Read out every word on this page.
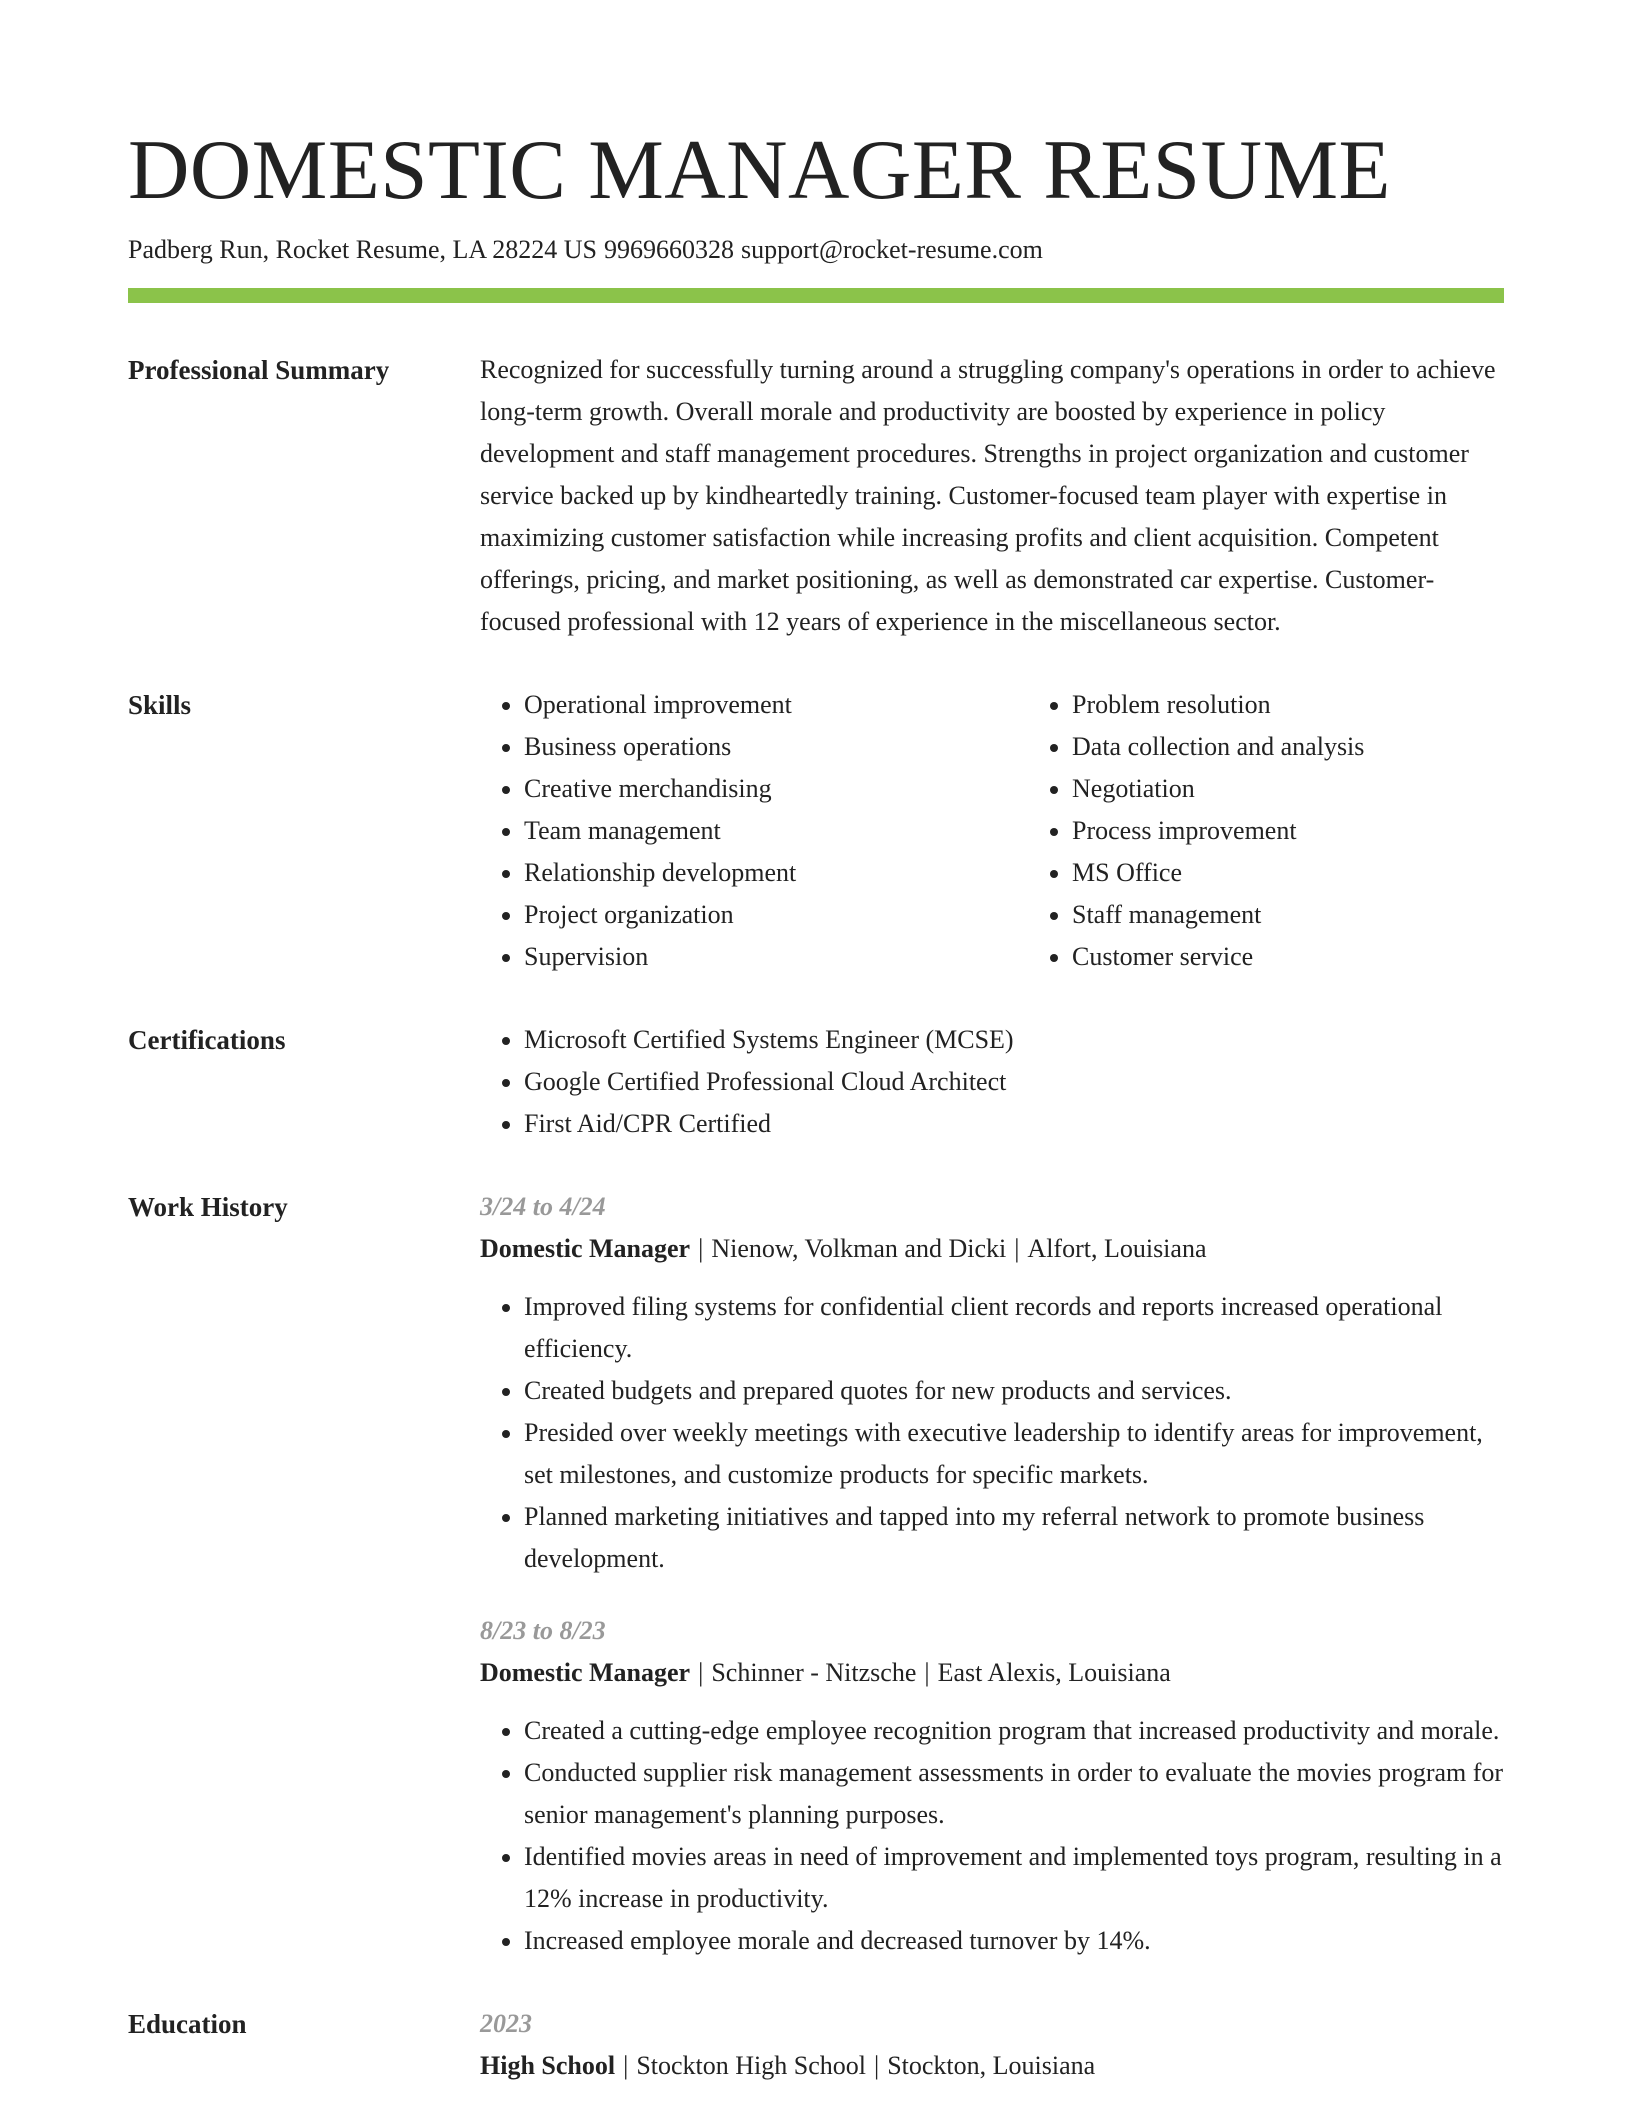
DOMESTIC MANAGER RESUME
Padberg Run, Rocket Resume, LA 28224 US 9969660328 support@rocket-resume.com
Professional Summary	Recognized for successfully turning around a struggling company's operations in order to achieve long-term growth. Overall morale and productivity are boosted by experience in policy development and staff management procedures. Strengths in project organization and customer service backed up by kindheartedly training. Customer-focused team player with expertise in maximizing customer satisfaction while increasing profits and client acquisition. Competent offerings, pricing, and market positioning, as well as demonstrated car expertise. Customer-focused professional with 12 years of experience in the miscellaneous sector.

Skills	• Operational improvement
• Business operations
• Creative merchandising
• Team management
• Relationship development
• Project organization
• Supervision
• Problem resolution
• Data collection and analysis
• Negotiation
• Process improvement
• MS Office
• Staff management
• Customer service
Certifications	• Microsoft Certified Systems Engineer (MCSE)
• Google Certified Professional Cloud Architect
• First Aid/CPR Certified
Work History	3/24 to 4/24
Domestic Manager | Nienow, Volkman and Dicki | Alfort, Louisiana
• Improved filing systems for confidential client records and reports increased operational efficiency.
• Created budgets and prepared quotes for new products and services.
• Presided over weekly meetings with executive leadership to identify areas for improvement, set milestones, and customize products for specific markets.
• Planned marketing initiatives and tapped into my referral network to promote business development.
8/23 to 8/23
Domestic Manager | Schinner - Nitzsche | East Alexis, Louisiana
• Created a cutting-edge employee recognition program that increased productivity and morale.
• Conducted supplier risk management assessments in order to evaluate the movies program for senior management's planning purposes.
• Identified movies areas in need of improvement and implemented toys program, resulting in a 12% increase in productivity.
• Increased employee morale and decreased turnover by 14%.
Education	2023
High School | Stockton High School | Stockton, Louisiana
